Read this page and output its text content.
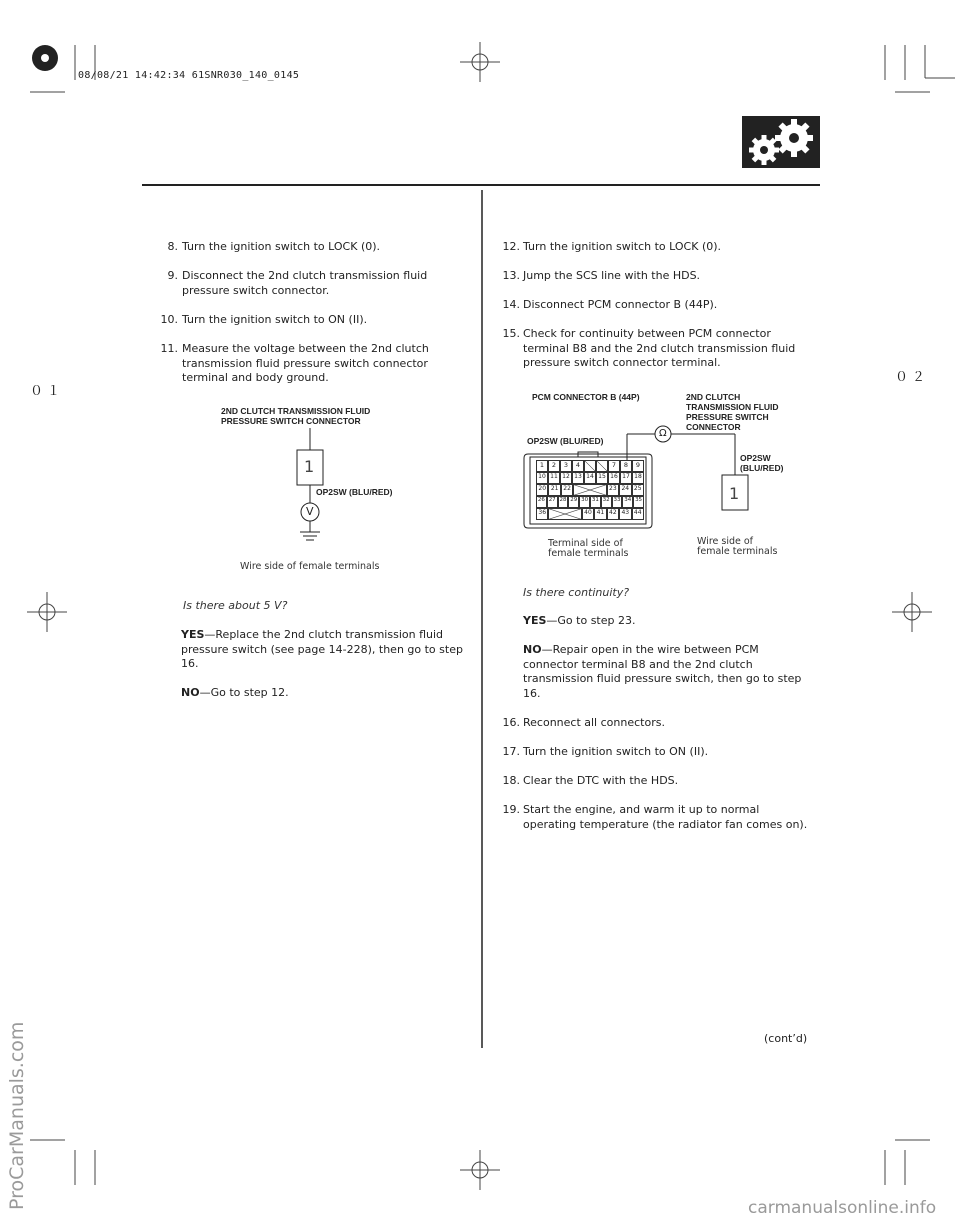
08/08/21 14:42:34 61SNR030_140_0145
０１
０２
8. Turn the ignition switch to LOCK (0).
9. Disconnect the 2nd clutch transmission fluid
pressure switch connector.
10. Turn the ignition switch to ON (II).
11. Measure the voltage between the 2nd clutch
transmission fluid pressure switch connector
terminal and body ground.
2ND CLUTCH TRANSMISSION FLUID
PRESSURE SWITCH CONNECTOR
1
V
OP2SW (BLU/RED)
Wire side of female terminals
Is there about 5 V?
YES—Replace the 2nd clutch transmission fluid
pressure switch (see page 14-228), then go to step
16.
NO—Go to step 12.
12. Turn the ignition switch to LOCK (0).
13. Jump the SCS line with the HDS.
14. Disconnect PCM connector B (44P).
15. Check for continuity between PCM connector
terminal B8 and the 2nd clutch transmission fluid
pressure switch connector terminal.
PCM CONNECTOR B (44P)	2ND CLUTCH
TRANSMISSION FLUID
PRESSURE SWITCH
CONNECTOR
OP2SW (BLU/RED)
OP2SW
(BLU/RED)
Ω
1
1	2	3	4	7	8	9
10 11 12 13 14 15 16 17 18
20 21 22	23 24 25
26 27 28 29 30 31 32 33 34 35
36	40 41 42 43 44
Terminal side of
female terminals
Wire side of
female terminals
Is there continuity?
YES—Go to step 23.
NO—Repair open in the wire between PCM
connector terminal B8 and the 2nd clutch
transmission fluid pressure switch, then go to step
16.
16. Reconnect all connectors.
17. Turn the ignition switch to ON (II).
18. Clear the DTC with the HDS.
19. Start the engine, and warm it up to normal
operating temperature (the radiator fan comes on).
(cont’d)
ProCarManuals.com	carmanualsonline.info
